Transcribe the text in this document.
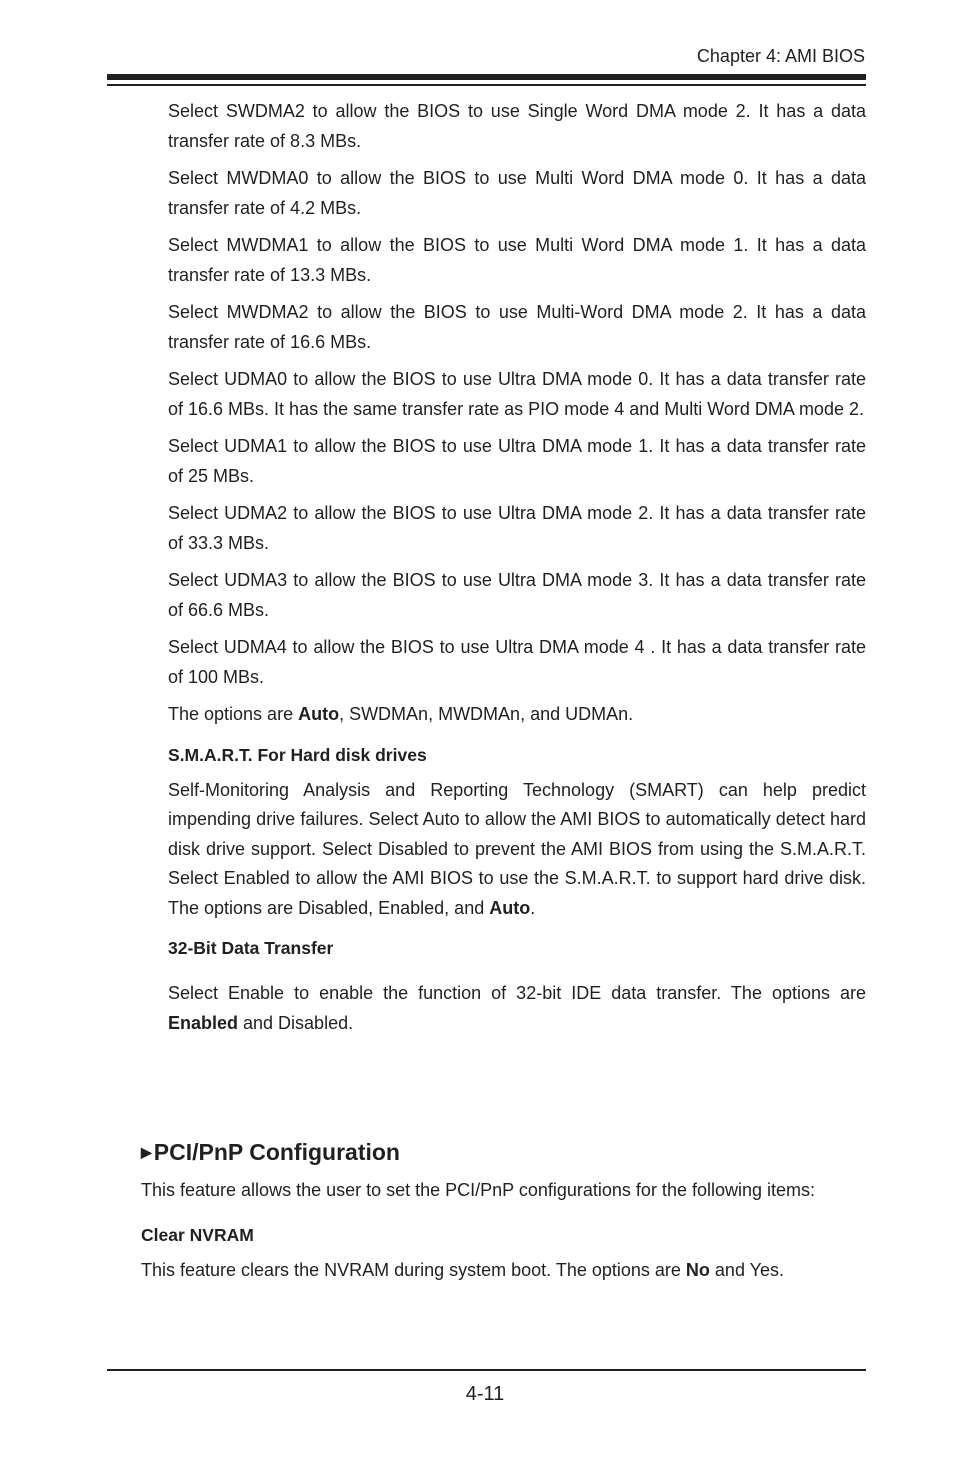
Chapter 4: AMI BIOS

Select SWDMA2 to allow the BIOS to use Single Word DMA mode 2. It has a data transfer rate of 8.3 MBs.

Select MWDMA0 to allow the BIOS to use Multi Word DMA mode 0. It has a data transfer rate of 4.2 MBs.

Select MWDMA1 to allow the BIOS to use Multi Word DMA mode 1. It has a data transfer rate of 13.3 MBs.

Select MWDMA2 to allow the BIOS to use Multi-Word DMA mode 2. It has a data transfer rate of 16.6 MBs.

Select UDMA0 to allow the BIOS to use Ultra DMA mode 0. It has a data transfer rate of 16.6 MBs. It has the same transfer rate as PIO mode 4 and Multi Word DMA mode 2.

Select UDMA1 to allow the BIOS to use Ultra DMA mode 1. It has a data transfer rate of 25 MBs.

Select UDMA2 to allow the BIOS to use Ultra DMA mode 2. It has a data transfer rate of 33.3 MBs.

Select UDMA3 to allow the BIOS to use Ultra DMA mode 3. It has a data transfer rate of 66.6 MBs.

Select UDMA4 to allow the BIOS to use Ultra DMA mode 4 . It has a data transfer rate of 100 MBs.

The options are Auto, SWDMAn, MWDMAn, and UDMAn.

S.M.A.R.T. For Hard disk drives

Self-Monitoring Analysis and Reporting Technology (SMART) can help predict impending drive failures. Select Auto to allow the AMI BIOS to automatically detect hard disk drive support. Select Disabled to prevent the AMI BIOS from using the S.M.A.R.T. Select Enabled to allow the AMI BIOS to use the S.M.A.R.T. to support hard drive disk. The options are Disabled, Enabled, and Auto.

32-Bit Data Transfer

Select Enable to enable the function of 32-bit IDE data transfer. The options are Enabled and Disabled.

▶PCI/PnP Configuration

This feature allows the user to set the PCI/PnP configurations for the following items:

Clear NVRAM

This feature clears the NVRAM during system boot. The options are No and Yes.

4-11
